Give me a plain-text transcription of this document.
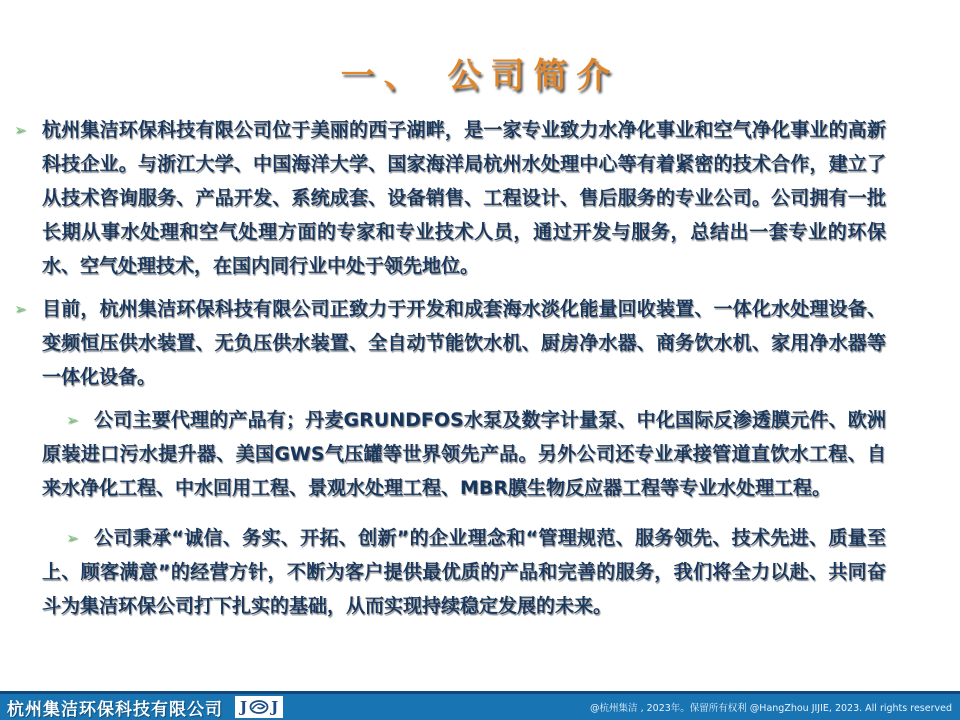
一、 公司简介
➢ 杭州集洁环保科技有限公司位于美丽的西子湖畔，是一家专业致力水净化事业和空气净化事业的高新科技企业。与浙江大学、中国海洋大学、国家海洋局杭州水处理中心等有着紧密的技术合作，建立了从技术咨询服务、产品开发、系统成套、设备销售、工程设计、售后服务的专业公司。公司拥有一批长期从事水处理和空气处理方面的专家和专业技术人员，通过开发与服务，总结出一套专业的环保水、空气处理技术，在国内同行业中处于领先地位。
➢ 目前，杭州集洁环保科技有限公司正致力于开发和成套海水淡化能量回收装置、一体化水处理设备、变频恒压供水装置、无负压供水装置、全自动节能饮水机、厨房净水器、商务饮水机、家用净水器等一体化设备。
➢ 公司主要代理的产品有；丹麦GRUNDFOS水泵及数字计量泵、中化国际反渗透膜元件、欧洲原装进口污水提升器、美国GWS气压罐等世界领先产品。另外公司还专业承接管道直饮水工程、自来水净化工程、中水回用工程、景观水处理工程、MBR膜生物反应器工程等专业水处理工程。
➢ 公司秉承“诚信、务实、开拓、创新”的企业理念和“管理规范、服务领先、技术先进、质量至上、顾客满意”的经营方针，不断为客户提供最优质的产品和完善的服务，我们将全力以赴、共同奋斗为集洁环保公司打下扎实的基础，从而实现持续稳定发展的未来。
杭州集洁环保科技有限公司 J J	@杭州集洁 , 2023年。保留所有权利 @HangZhou JIJIE, 2023. All rights reserved
